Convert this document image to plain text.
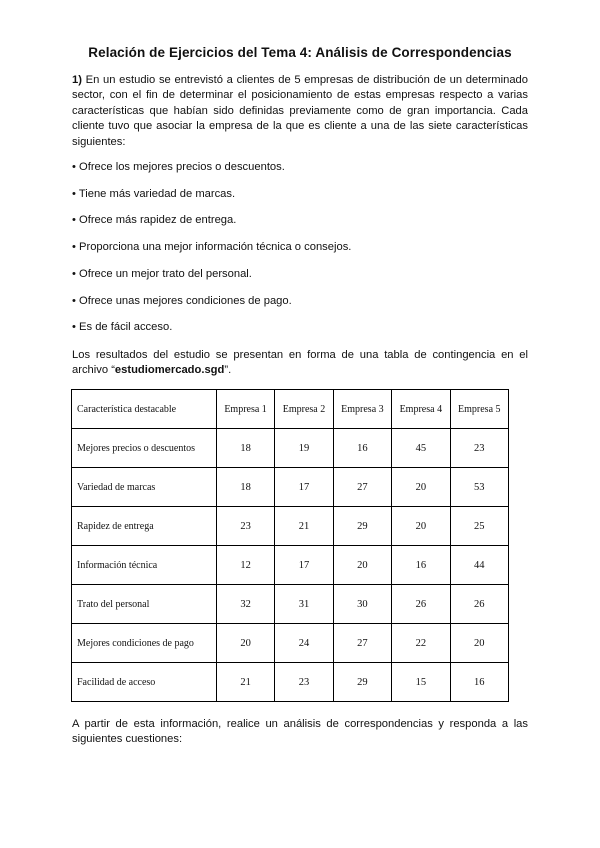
Relación de Ejercicios del Tema 4: Análisis de Correspondencias
1) En un estudio se entrevistó a clientes de 5 empresas de distribución de un determinado sector, con el fin de determinar el posicionamiento de estas empresas respecto a varias características que habían sido definidas previamente como de gran importancia. Cada cliente tuvo que asociar la empresa de la que es cliente a una de las siete características siguientes:
• Ofrece los mejores precios o descuentos.
• Tiene más variedad de marcas.
• Ofrece más rapidez de entrega.
• Proporciona una mejor información técnica o consejos.
• Ofrece un mejor trato del personal.
• Ofrece unas mejores condiciones de pago.
• Es de fácil acceso.
Los resultados del estudio se presentan en forma de una tabla de contingencia en el archivo “estudiomercado.sgd”.
Característica destacable	Empresa 1	Empresa 2	Empresa 3	Empresa 4	Empresa 5
Mejores precios o descuentos	18	19	16	45	23
Variedad de marcas	18	17	27	20	53
Rapidez de entrega	23	21	29	20	25
Información técnica	12	17	20	16	44
Trato del personal	32	31	30	26	26
Mejores condiciones de pago	20	24	27	22	20
Facilidad de acceso	21	23	29	15	16
A partir de esta información, realice un análisis de correspondencias y responda a las siguientes cuestiones:
